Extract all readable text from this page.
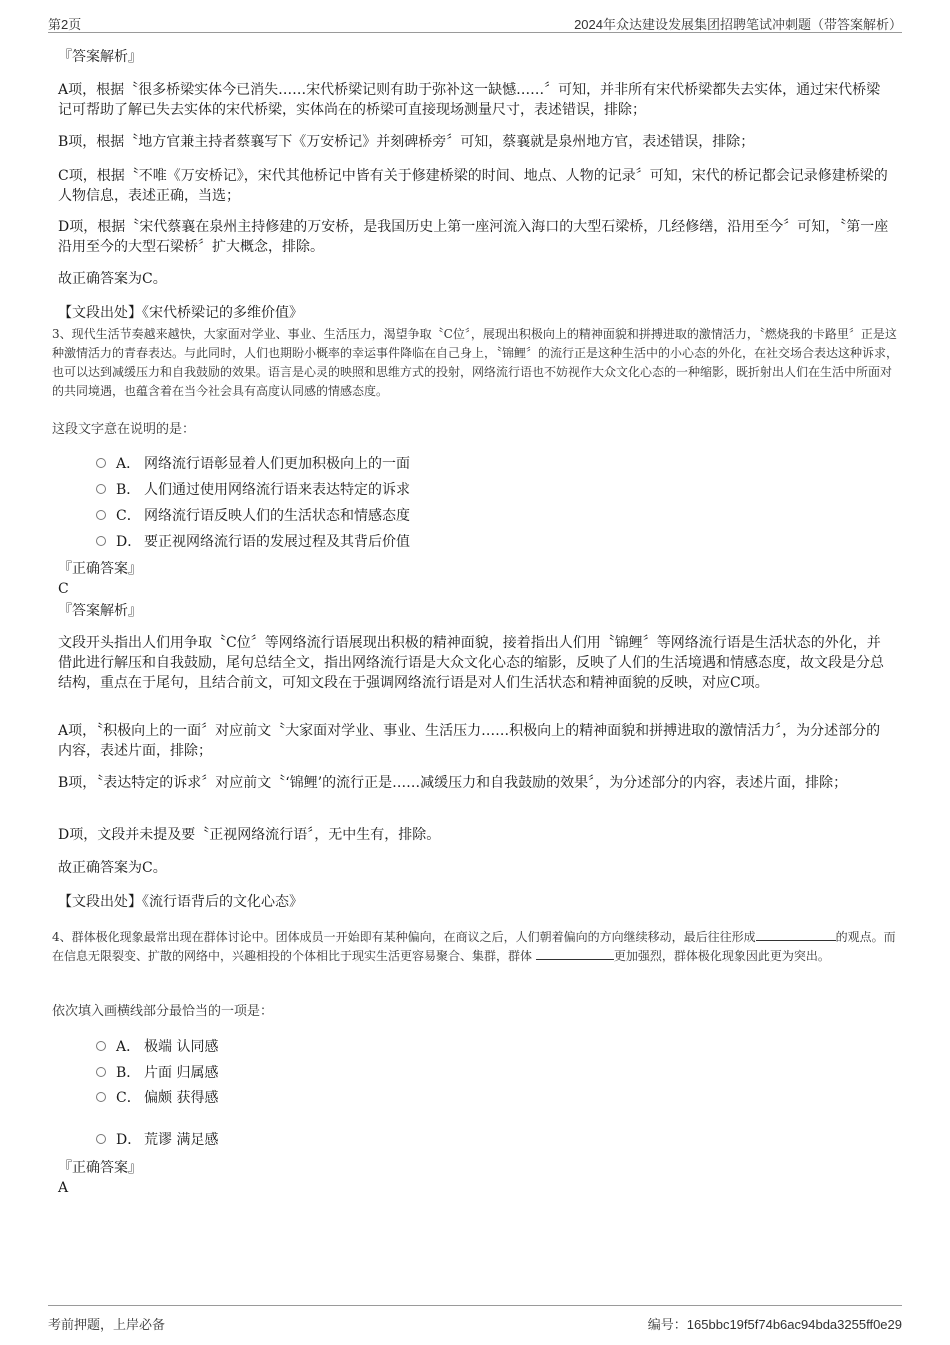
第2页	2024年众达建设发展集团招聘笔试冲刺题（带答案解析）
『答案解析』
A项，根据〝很多桥梁实体今已消失……宋代桥梁记则有助于弥补这一缺憾……〞可知，并非所有宋代桥梁都失去实体，通过宋代桥梁记可帮助了解已失去实体的宋代桥梁，实体尚在的桥梁可直接现场测量尺寸，表述错误，排除；
B项，根据〝地方官兼主持者蔡襄写下《万安桥记》并刻碑桥旁〞可知，蔡襄就是泉州地方官，表述错误，排除；
C项，根据〝不唯《万安桥记》，宋代其他桥记中皆有关于修建桥梁的时间、地点、人物的记录〞可知，宋代的桥记都会记录修建桥梁的人物信息，表述正确，当选；
D项，根据〝宋代蔡襄在泉州主持修建的万安桥，是我国历史上第一座河流入海口的大型石梁桥，几经修缮，沿用至今〞可知，〝第一座沿用至今的大型石梁桥〞扩大概念，排除。
故正确答案为C。
【文段出处】《宋代桥梁记的多维价值》
3、现代生活节奏越来越快，大家面对学业、事业、生活压力，渴望争取〝C位〞，展现出积极向上的精神面貌和拼搏进取的激情活力，〝燃烧我的卡路里〞正是这种激情活力的青春表达。与此同时，人们也期盼小概率的幸运事件降临在自己身上，〝锦鲤〞的流行正是这种生活中的小心态的外化，在社交场合表达这种诉求，也可以达到减缓压力和自我鼓励的效果。语言是心灵的映照和思维方式的投射，网络流行语也不妨视作大众文化心态的一种缩影，既折射出人们在生活中所面对的共同境遇，也蕴含着在当今社会具有高度认同感的情感态度。
这段文字意在说明的是：
A． 网络流行语彰显着人们更加积极向上的一面
B． 人们通过使用网络流行语来表达特定的诉求
C． 网络流行语反映人们的生活状态和情感态度
D． 要正视网络流行语的发展过程及其背后价值
『正确答案』
C
『答案解析』
文段开头指出人们用争取〝C位〞等网络流行语展现出积极的精神面貌，接着指出人们用〝锦鲤〞等网络流行语是生活状态的外化，并借此进行解压和自我鼓励，尾句总结全文，指出网络流行语是大众文化心态的缩影，反映了人们的生活境遇和情感态度，故文段是分总结构，重点在于尾句，且结合前文，可知文段在于强调网络流行语是对人们生活状态和精神面貌的反映，对应C项。
A项，〝积极向上的一面〞对应前文〝大家面对学业、事业、生活压力……积极向上的精神面貌和拼搏进取的激情活力〞，为分述部分的内容，表述片面，排除；
B项，〝表达特定的诉求〞对应前文〝‘锦鲤’的流行正是……减缓压力和自我鼓励的效果〞，为分述部分的内容，表述片面，排除；
D项，文段并未提及要〝正视网络流行语〞，无中生有，排除。
故正确答案为C。
【文段出处】《流行语背后的文化心态》
4、群体极化现象最常出现在群体讨论中。团体成员一开始即有某种偏向，在商议之后，人们朝着偏向的方向继续移动，最后往往形成	的观点。而在信息无限裂变、扩散的网络中，兴趣相投的个体相比于现实生活更容易聚合、集群，群体	更加强烈，群体极化现象因此更为突出。
依次填入画横线部分最恰当的一项是：
A． 极端 认同感
B． 片面 归属感
C． 偏颇 获得感
D． 荒谬 满足感
『正确答案』
A
考前押题，上岸必备	编号：165bbc19f5f74b6ac94bda3255ff0e29
